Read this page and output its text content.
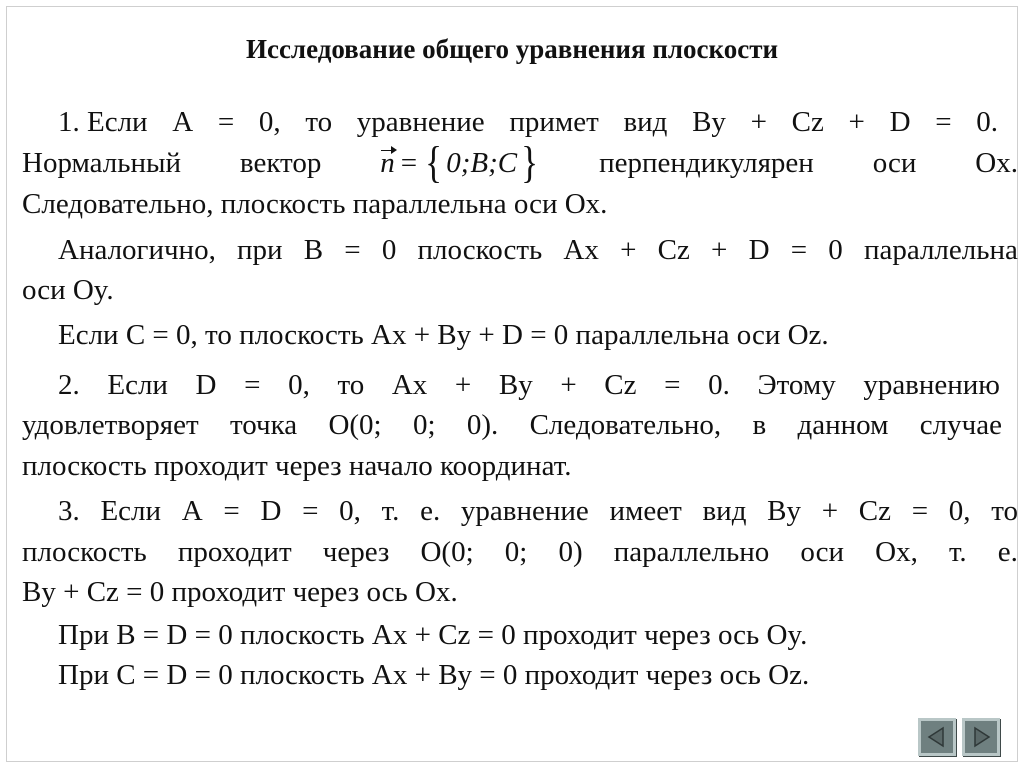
Исследование общего уравнения плоскости
1. Если A = 0, то уравнение примет вид By + Cz + D = 0.
Нормальный вектор n = { 0;B;C } перпендикулярен оси Ox.
Следовательно, плоскость параллельна оси Ox.
Аналогично, при B = 0 плоскость Ax + Cz + D = 0 параллельна
оси Oy.
Если C = 0, то плоскость Ax + By + D = 0 параллельна оси Oz.
2. Если D = 0, то Ax + By + Cz = 0. Этому уравнению
удовлетворяет точка O(0; 0; 0). Следовательно, в данном случае
плоскость проходит через начало координат.
3. Если A = D = 0, т. е. уравнение имеет вид By + Cz = 0, то
плоскость проходит через O(0; 0; 0) параллельно оси Ox, т. е.
By + Cz = 0 проходит через ось Ox.
При B = D = 0 плоскость Ax + Cz = 0 проходит через ось Oy.
При C = D = 0 плоскость Ax + By = 0 проходит через ось Oz.
